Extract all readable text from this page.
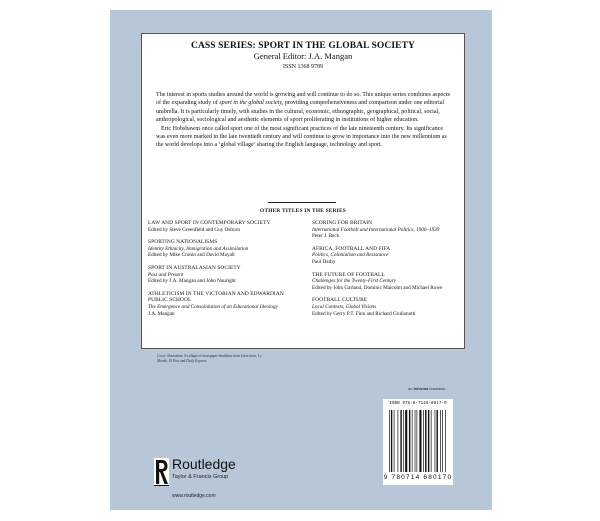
CASS SERIES: SPORT IN THE GLOBAL SOCIETY
General Editor: J.A. Mangan
ISSN 1368 9789

The interest in sports studies around the world is growing and will continue to do so. This unique series combines aspects of the expanding study of sport in the global society, providing comprehensiveness and comparison under one editorial umbrella. It is particularly timely, with studies in the cultural, economic, ethnographic, geographical, political, social, anthropological, sociological and aesthetic elements of sport proliferating in institutions of higher education.

Eric Hobsbawm once called sport one of the most significant practices of the late nineteenth century. Its significance was even more marked in the late twentieth century and will continue to grow in importance into the new millennium as the world develops into a ‘global village’ sharing the English language, technology and sport.

OTHER TITLES IN THE SERIES
LAW AND SPORT IN CONTEMPORARY SOCIETY
Edited by Steve Greenfield and Guy Osborn
SPORTING NATIONALISMS
Identity Ethnicity, Immigration and Assimilation
Edited by Mike Cronin and David Mayall
SPORT IN AUSTRALASIAN SOCIETY
Past and Present
Edited by J.A. Mangan and John Nauright
ATHLETICISM IN THE VICTORIAN AND EDWARDIAN PUBLIC SCHOOL
The Emergence and Consolidation of an Educational Ideology
J.A. Mangan
SCORING FOR BRITAIN
International Football and International Politics, 1900–1939
Peter J. Beck
AFRICA, FOOTBALL AND FIFA
Politics, Colonialism and Resistance
Paul Darby
THE FUTURE OF FOOTBALL
Challenges for the Twenty-First Century
Edited by John Garland, Dominic Malcolm and Michael Rowe
FOOTBALL CULTURE
Local Contests, Global Visions
Edited by Gerry P.T. Finn and Richard Giulianotti
Cover illustration: A collage of newspaper headlines from Liberation, Le Monde, El Pais and Daily Express
an informa business
ISBN 978-0-7146-8017-0
9 780714 680170
Routledge
Taylor & Francis Group
www.routledge.com
